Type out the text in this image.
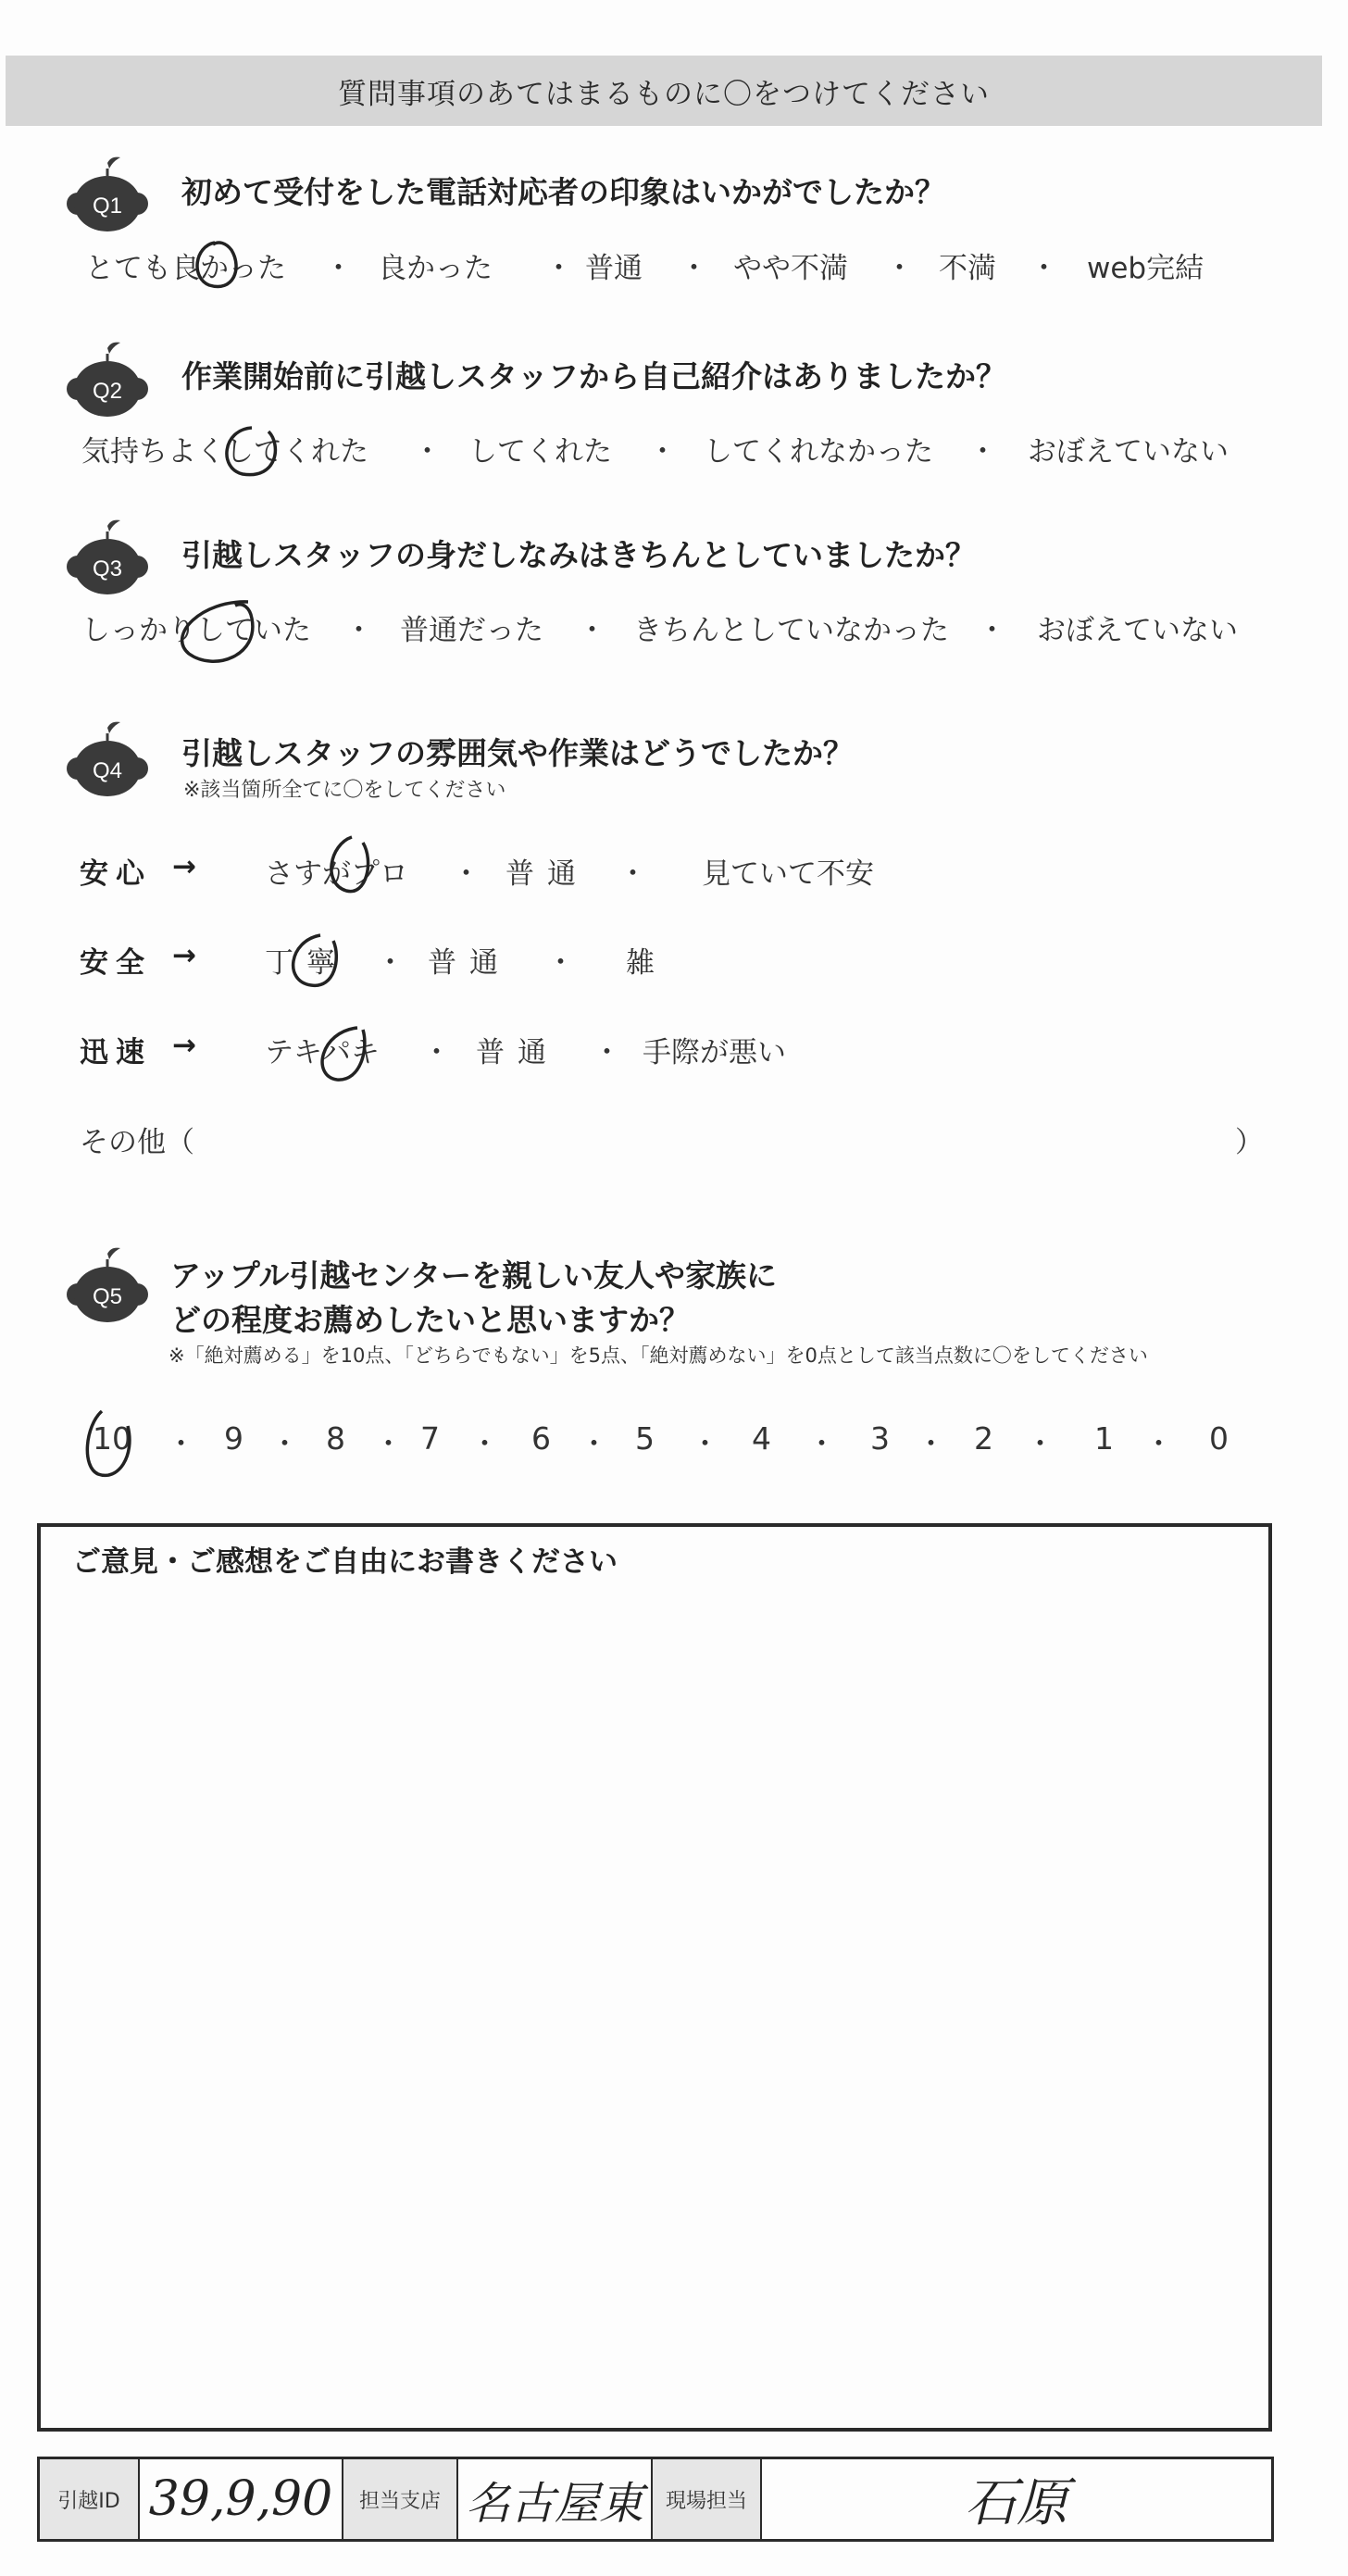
質問事項のあてはまるものに〇をつけてください
Q1 初めて受付をした電話対応者の印象はいかがでしたか？
とても良かった ・ 良かった ・ 普通 ・ やや不満 ・ 不満 ・ web完結
Q2 作業開始前に引越しスタッフから自己紹介はありましたか？
気持ちよくしてくれた ・ してくれた ・ してくれなかった ・ おぼえていない
Q3 引越しスタッフの身だしなみはきちんとしていましたか？
しっかりしていた ・ 普通だった ・ きちんとしていなかった ・ おぼえていない
Q4 引越しスタッフの雰囲気や作業はどうでしたか？
※該当箇所全てに〇をしてください
安心 → さすがプロ ・ 普通 ・ 見ていて不安
安全 → 丁寧 ・ 普通 ・ 雑
迅速 → テキパキ ・ 普通 ・ 手際が悪い
その他（	）
Q5
アップル引越センターを親しい友人や家族に
どの程度お薦めしたいと思いますか？
※「絶対薦める」を10点、「どちらでもない」を5点、「絶対薦めない」を0点として該当点数に〇をしてください
10 ・ 9 ・ 8 ・ 7 ・ 6 ・ 5 ・ 4 ・ 3 ・ 2 ・ 1 ・ 0
ご意見・ご感想をご自由にお書きください
引越ID 39,9,90	担当支店 名古屋東	現場担当	石原
